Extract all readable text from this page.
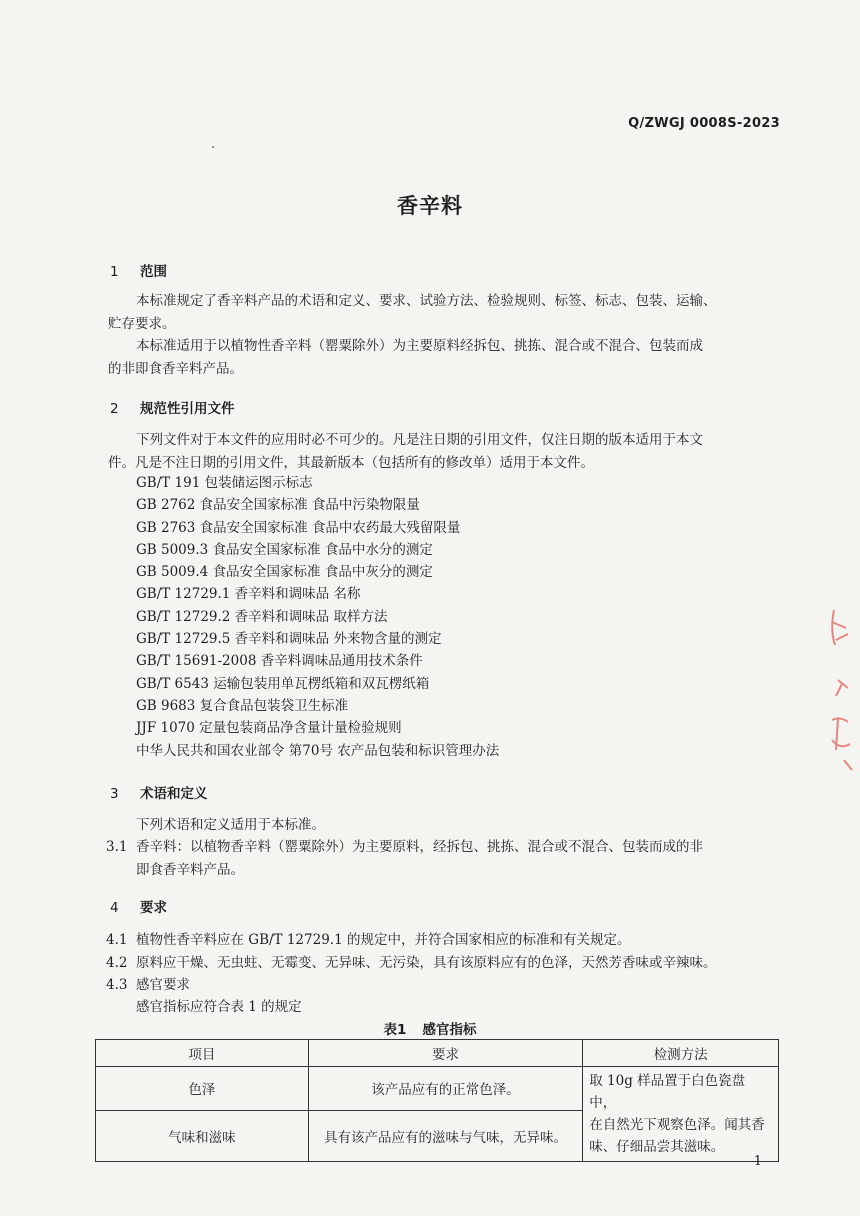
Q/ZWGJ 0008S-2023
香辛料
1 范围
本标准规定了香辛料产品的术语和定义、要求、试验方法、检验规则、标签、标志、包装、运输、
贮存要求。
本标准适用于以植物性香辛料（罂粟除外）为主要原料经拆包、挑拣、混合或不混合、包装而成
的非即食香辛料产品。
2 规范性引用文件
下列文件对于本文件的应用时必不可少的。凡是注日期的引用文件，仅注日期的版本适用于本文
件。凡是不注日期的引用文件，其最新版本（包括所有的修改单）适用于本文件。
GB/T 191 包装储运图示标志
GB 2762 食品安全国家标准 食品中污染物限量
GB 2763 食品安全国家标准 食品中农药最大残留限量
GB 5009.3 食品安全国家标准 食品中水分的测定
GB 5009.4 食品安全国家标准 食品中灰分的测定
GB/T 12729.1 香辛料和调味品 名称
GB/T 12729.2 香辛料和调味品 取样方法
GB/T 12729.5 香辛料和调味品 外来物含量的测定
GB/T 15691-2008 香辛料调味品通用技术条件
GB/T 6543 运输包装用单瓦楞纸箱和双瓦楞纸箱
GB 9683 复合食品包装袋卫生标准
JJF 1070 定量包装商品净含量计量检验规则
中华人民共和国农业部令 第70号 农产品包装和标识管理办法
3 术语和定义
下列术语和定义适用于本标准。
3.1 香辛料：以植物香辛料（罂粟除外）为主要原料，经拆包、挑拣、混合或不混合、包装而成的非
即食香辛料产品。
4 要求
4.1 植物性香辛料应在 GB/T 12729.1 的规定中，并符合国家相应的标准和有关规定。
4.2 原料应干燥、无虫蛀、无霉变、无异味、无污染，具有该原料应有的色泽，天然芳香味或辛辣味。
4.3 感官要求
感官指标应符合表 1 的规定
表1 感官指标
项目	要求	检测方法
色泽	该产品应有的正常色泽。	取 10g 样品置于白色瓷盘中，
在自然光下观察色泽。闻其香
味、仔细品尝其滋味。

气味和滋味	具有该产品应有的滋味与气味，无异味。	
1
